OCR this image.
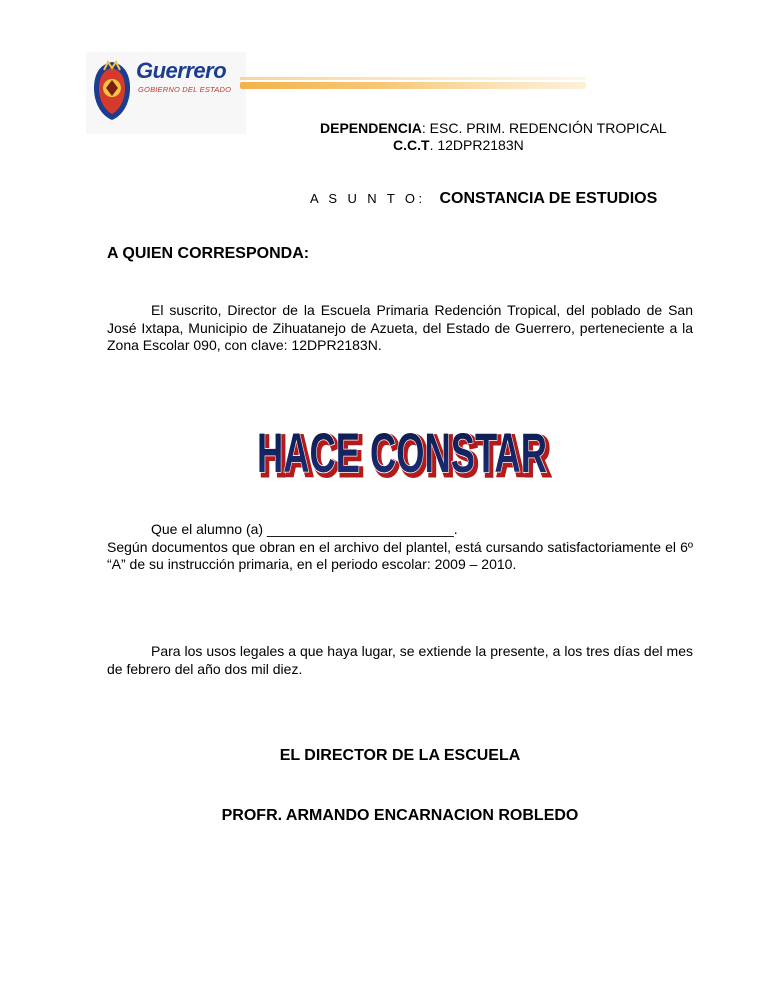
Guerrero
GOBIERNO DEL ESTADO
DEPENDENCIA: ESC. PRIM. REDENCIÓN TROPICAL
C.C.T. 12DPR2183N
A S U N T O: CONSTANCIA DE ESTUDIOS
A QUIEN CORRESPONDA:
El suscrito, Director de la Escuela Primaria Redención Tropical, del poblado de San José Ixtapa, Municipio de Zihuatanejo de Azueta, del Estado de Guerrero, perteneciente a la Zona Escolar 090, con clave: 12DPR2183N.
HACE CONSTAR
HACE CONSTAR
Que el alumno (a) ________________________.
Según documentos que obran en el archivo del plantel, está cursando satisfactoriamente el 6º “A” de su instrucción primaria, en el periodo escolar: 2009 – 2010.
Para los usos legales a que haya lugar, se extiende la presente, a los tres días del mes de febrero del año dos mil diez.
EL DIRECTOR DE LA ESCUELA
PROFR. ARMANDO ENCARNACION ROBLEDO
